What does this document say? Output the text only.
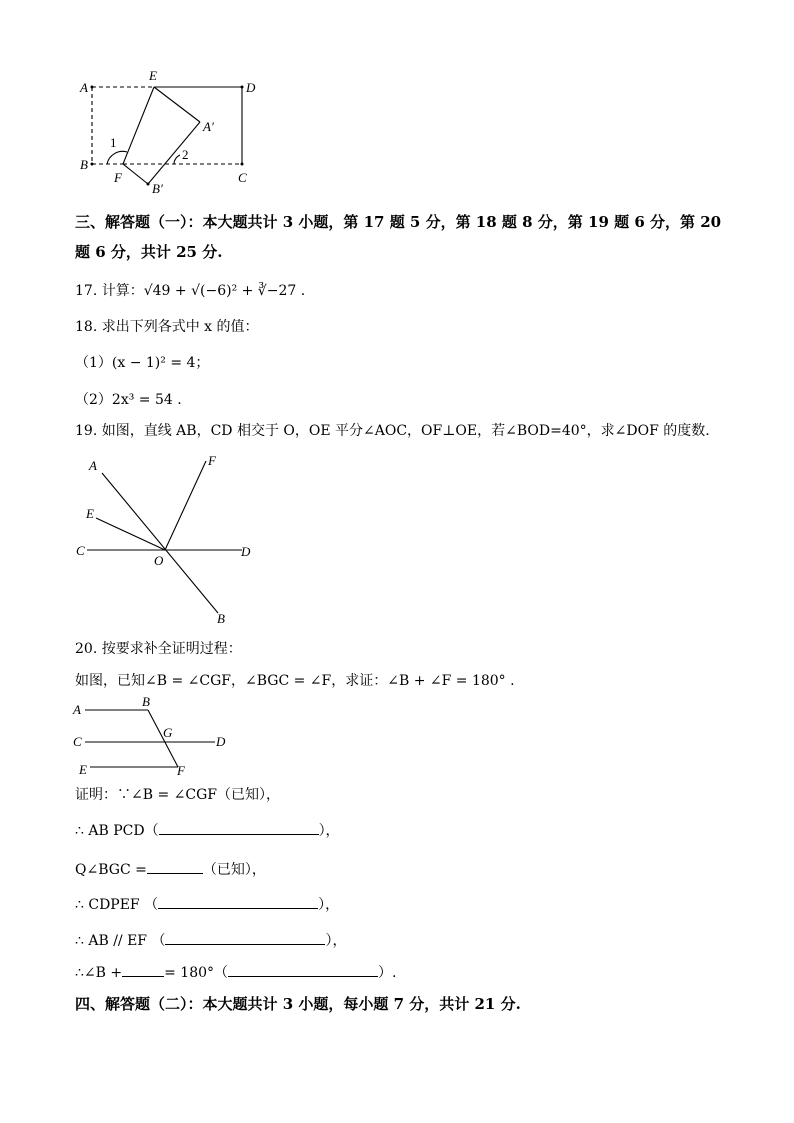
A
E
D
A′
1
2
B
F
B′
C
三、解答题（一）：本大题共计 3 小题，第 17 题 5 分，第 18 题 8 分，第 19 题 6 分，第 20
题 6 分，共计 25 分.
17. 计算：√49 + √(−6)² + ∛−27 .
18. 求出下列各式中 x 的值：
（1）(x − 1)² = 4；
（2）2x³ = 54 .
19. 如图，直线 AB，CD 相交于 O，OE 平分∠AOC，OF⊥OE，若∠BOD=40°，求∠DOF 的度数.
A	F
E
C
O
D
B
20. 按要求补全证明过程：
如图，已知∠B = ∠CGF，∠BGC = ∠F，求证：∠B + ∠F = 180° .
A
B
G
C	D
E	F
证明：∵∠B = ∠CGF（已知），
∴ AB PCD（	），
Q∠BGC =	（已知），
∴ CDPEF （	），
∴ AB // EF （	），
∴∠B +	= 180°（	）.
四、解答题（二）：本大题共计 3 小题，每小题 7 分，共计 21 分.
